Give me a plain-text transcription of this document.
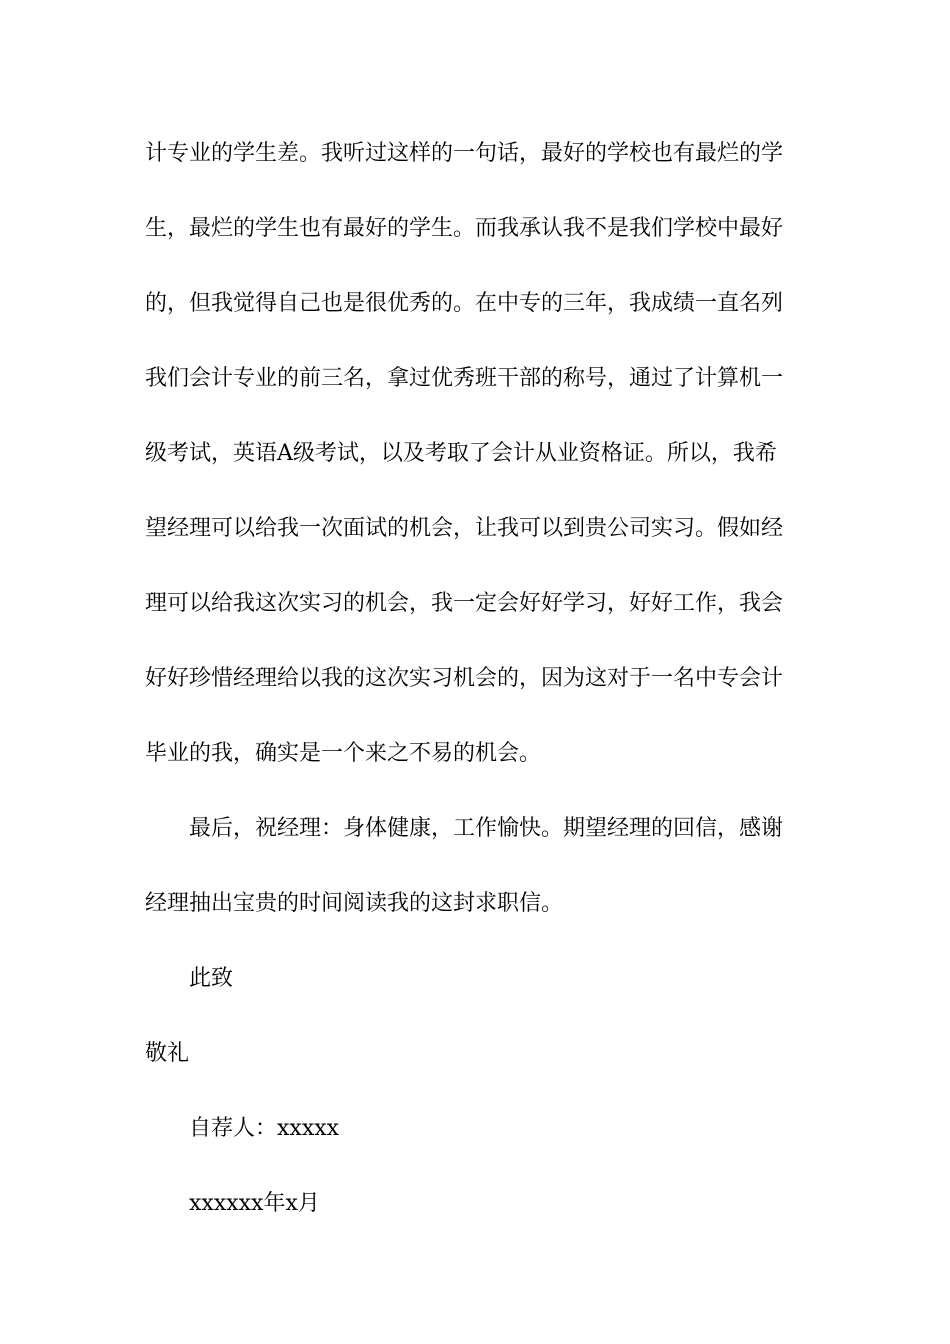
计专业的学生差。我听过这样的一句话，最好的学校也有最烂的学
生，最烂的学生也有最好的学生。而我承认我不是我们学校中最好
的，但我觉得自己也是很优秀的。在中专的三年，我成绩一直名列
我们会计专业的前三名，拿过优秀班干部的称号，通过了计算机一
级考试，英语A级考试，以及考取了会计从业资格证。所以，我希
望经理可以给我一次面试的机会，让我可以到贵公司实习。假如经
理可以给我这次实习的机会，我一定会好好学习，好好工作，我会
好好珍惜经理给以我的这次实习机会的，因为这对于一名中专会计
毕业的我，确实是一个来之不易的机会。
最后，祝经理：身体健康，工作愉快。期望经理的回信，感谢
经理抽出宝贵的时间阅读我的这封求职信。
此致
敬礼
自荐人：xxxxx
xxxxxx年x月
